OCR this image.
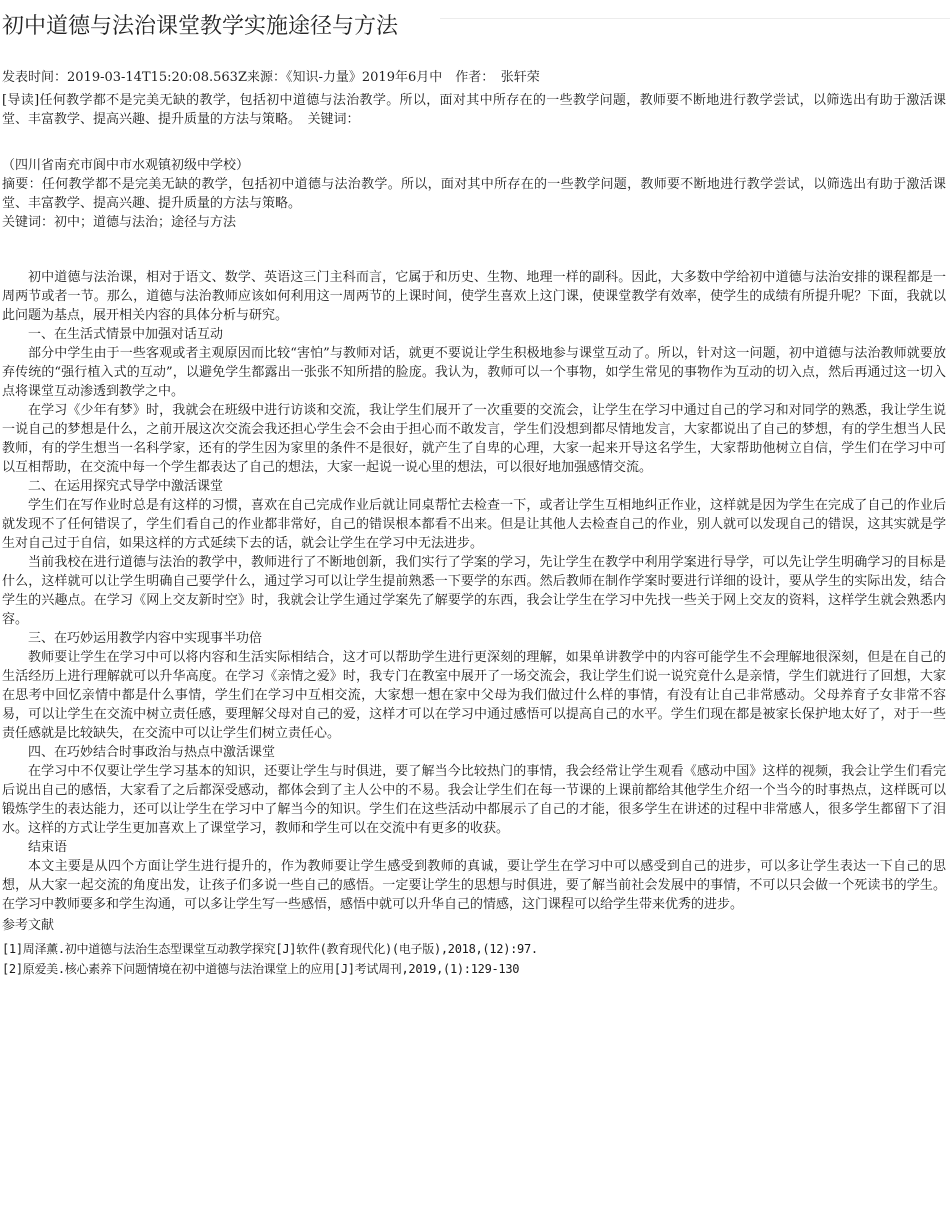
初中道德与法治课堂教学实施途径与方法
发表时间：2019-03-14T15:20:08.563Z来源：《知识-力量》2019年6月中　作者：　张轩荣

[导读]任何教学都不是完美无缺的教学，包括初中道德与法治教学。所以，面对其中所存在的一些教学问题，教师要不断地进行教学尝试，以筛选出有助于激活课堂、丰富教学、提高兴趣、提升质量的方法与策略。　关键词：

（四川省南充市阆中市水观镇初级中学校）

摘要：任何教学都不是完美无缺的教学，包括初中道德与法治教学。所以，面对其中所存在的一些教学问题，教师要不断地进行教学尝试，以筛选出有助于激活课堂、丰富教学、提高兴趣、提升质量的方法与策略。

关键词：初中；道德与法治；途径与方法

初中道德与法治课，相对于语文、数学、英语这三门主科而言，它属于和历史、生物、地理一样的副科。因此，大多数中学给初中道德与法治安排的课程都是一周两节或者一节。那么，道德与法治教师应该如何利用这一周两节的上课时间，使学生喜欢上这门课，使课堂教学有效率，使学生的成绩有所提升呢？下面，我就以此问题为基点，展开相关内容的具体分析与研究。

一、在生活式情景中加强对话互动

部分中学生由于一些客观或者主观原因而比较“害怕”与教师对话，就更不要说让学生积极地参与课堂互动了。所以，针对这一问题，初中道德与法治教师就要放弃传统的“强行植入式的互动”，以避免学生都露出一张张不知所措的脸庞。我认为，教师可以一个事物，如学生常见的事物作为互动的切入点，然后再通过这一切入点将课堂互动渗透到教学之中。

在学习《少年有梦》时，我就会在班级中进行访谈和交流，我让学生们展开了一次重要的交流会，让学生在学习中通过自己的学习和对同学的熟悉，我让学生说一说自己的梦想是什么，之前开展这次交流会我还担心学生会不会由于担心而不敢发言，学生们没想到都尽情地发言，大家都说出了自己的梦想，有的学生想当人民教师，有的学生想当一名科学家，还有的学生因为家里的条件不是很好，就产生了自卑的心理，大家一起来开导这名学生，大家帮助他树立自信，学生们在学习中可以互相帮助，在交流中每一个学生都表达了自己的想法，大家一起说一说心里的想法，可以很好地加强感情交流。

二、在运用探究式导学中激活课堂

学生们在写作业时总是有这样的习惯，喜欢在自己完成作业后就让同桌帮忙去检查一下，或者让学生互相地纠正作业，这样就是因为学生在完成了自己的作业后就发现不了任何错误了，学生们看自己的作业都非常好，自己的错误根本都看不出来。但是让其他人去检查自己的作业，别人就可以发现自己的错误，这其实就是学生对自己过于自信，如果这样的方式延续下去的话，就会让学生在学习中无法进步。

当前我校在进行道德与法治的教学中，教师进行了不断地创新，我们实行了学案的学习，先让学生在教学中利用学案进行导学，可以先让学生明确学习的目标是什么，这样就可以让学生明确自己要学什么，通过学习可以让学生提前熟悉一下要学的东西。然后教师在制作学案时要进行详细的设计，要从学生的实际出发，结合学生的兴趣点。在学习《网上交友新时空》时，我就会让学生通过学案先了解要学的东西，我会让学生在学习中先找一些关于网上交友的资料，这样学生就会熟悉内容。

三、在巧妙运用教学内容中实现事半功倍

教师要让学生在学习中可以将内容和生活实际相结合，这才可以帮助学生进行更深刻的理解，如果单讲教学中的内容可能学生不会理解地很深刻，但是在自己的生活经历上进行理解就可以升华高度。在学习《亲情之爱》时，我专门在教室中展开了一场交流会，我让学生们说一说究竟什么是亲情，学生们就进行了回想，大家在思考中回忆亲情中都是什么事情，学生们在学习中互相交流，大家想一想在家中父母为我们做过什么样的事情，有没有让自己非常感动。父母养育子女非常不容易，可以让学生在交流中树立责任感，要理解父母对自己的爱，这样才可以在学习中通过感悟可以提高自己的水平。学生们现在都是被家长保护地太好了，对于一些责任感就是比较缺失，在交流中可以让学生们树立责任心。

四、在巧妙结合时事政治与热点中激活课堂

在学习中不仅要让学生学习基本的知识，还要让学生与时俱进，要了解当今比较热门的事情，我会经常让学生观看《感动中国》这样的视频，我会让学生们看完后说出自己的感悟，大家看了之后都深受感动，都体会到了主人公中的不易。我会让学生们在每一节课的上课前都给其他学生介绍一个当今的时事热点，这样既可以锻炼学生的表达能力，还可以让学生在学习中了解当今的知识。学生们在这些活动中都展示了自己的才能，很多学生在讲述的过程中非常感人，很多学生都留下了泪水。这样的方式让学生更加喜欢上了课堂学习，教师和学生可以在交流中有更多的收获。

结束语

本文主要是从四个方面让学生进行提升的，作为教师要让学生感受到教师的真诚，要让学生在学习中可以感受到自己的进步，可以多让学生表达一下自己的思想，从大家一起交流的角度出发，让孩子们多说一些自己的感悟。一定要让学生的思想与时俱进，要了解当前社会发展中的事情，不可以只会做一个死读书的学生。在学习中教师要多和学生沟通，可以多让学生写一些感悟，感悟中就可以升华自己的情感，这门课程可以给学生带来优秀的进步。

参考文献

[1]周泽薰.初中道德与法治生态型课堂互动教学探究[J]软件(教育现代化)(电子版),2018,(12):97.

[2]原爱美.核心素养下问题情境在初中道德与法治课堂上的应用[J]考试周刊,2019,(1):129-130
